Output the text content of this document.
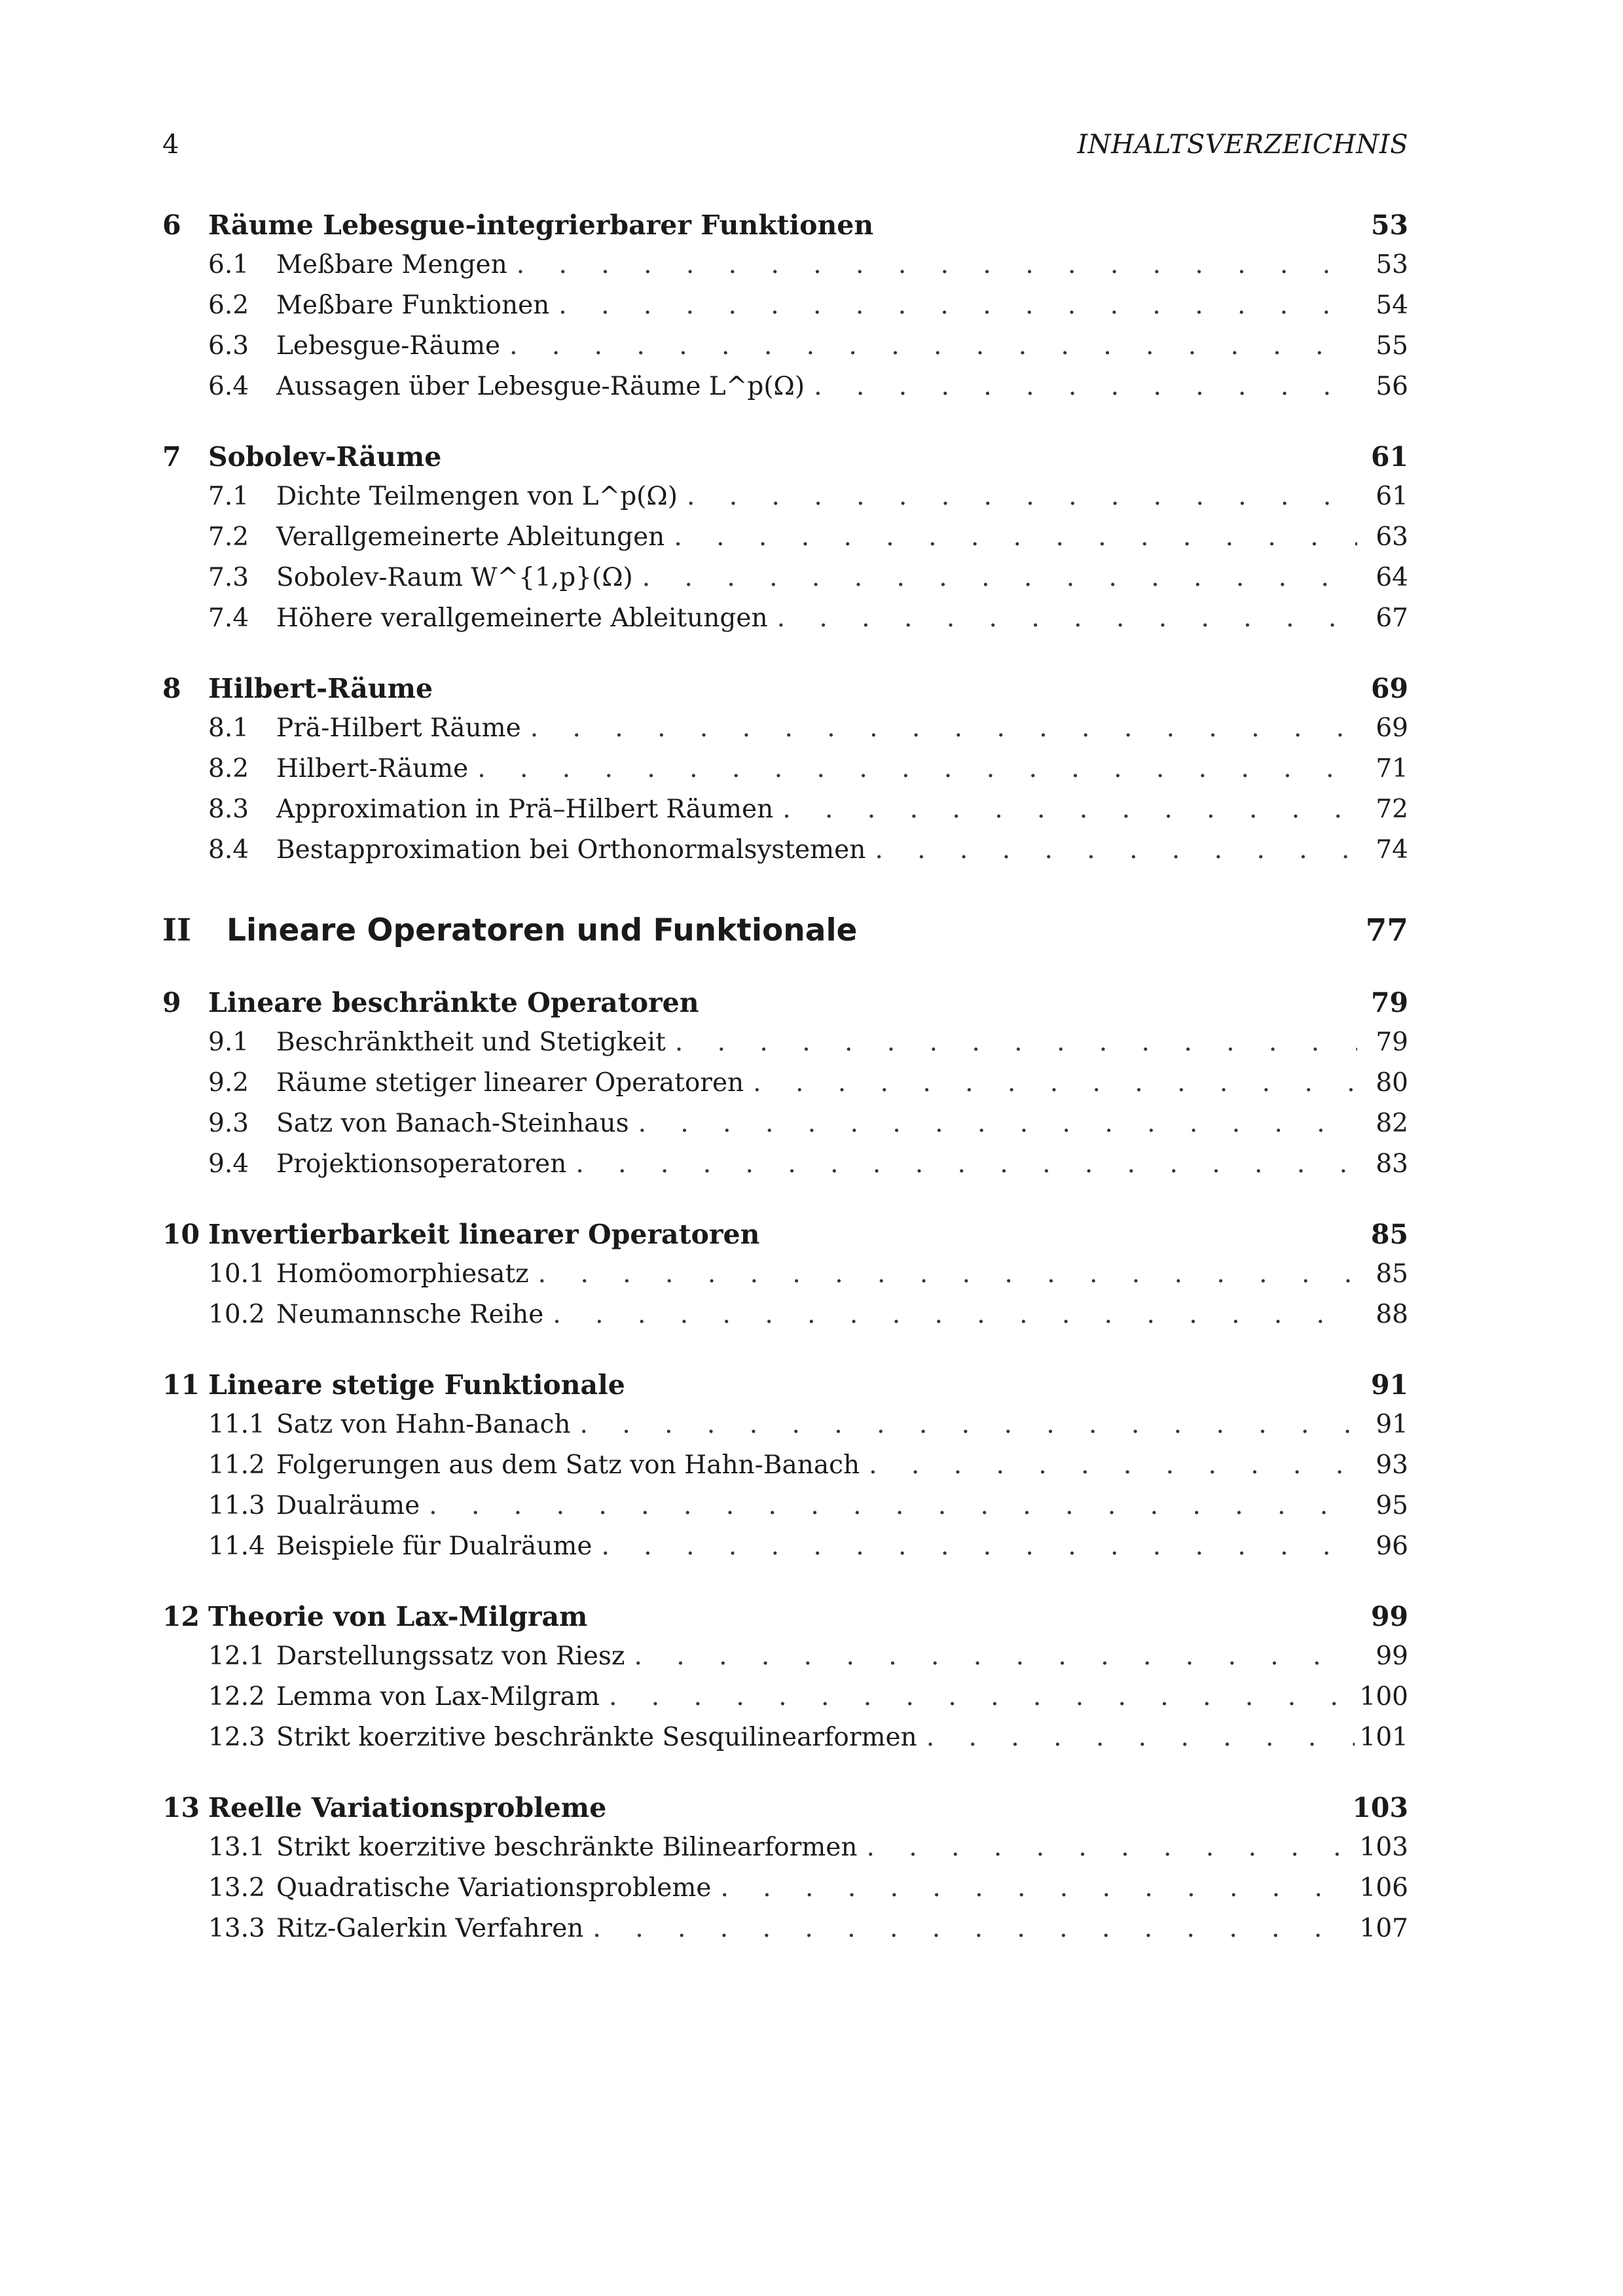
4	INHALTSVERZEICHNIS
6	Räume Lebesgue-integrierbarer Funktionen	53
6.1	Meßbare Mengen . . .	53
6.2	Meßbare Funktionen . . .	54
6.3	Lebesgue-Räume . . .	55
6.4	Aussagen über Lebesgue-Räume L^p(Ω) . . .	56
7	Sobolev-Räume	61
7.1	Dichte Teilmengen von L^p(Ω) . . .	61
7.2	Verallgemeinerte Ableitungen . . .	63
7.3	Sobolev-Raum W^{1,p}(Ω) . . .	64
7.4	Höhere verallgemeinerte Ableitungen . . .	67
8	Hilbert-Räume	69
8.1	Prä-Hilbert Räume . . .	69
8.2	Hilbert-Räume . . .	71
8.3	Approximation in Prä–Hilbert Räumen . . .	72
8.4	Bestapproximation bei Orthonormalsystemen . . .	74
II	Lineare Operatoren und Funktionale	77
9	Lineare beschränkte Operatoren	79
9.1	Beschränktheit und Stetigkeit . . .	79
9.2	Räume stetiger linearer Operatoren . . .	80
9.3	Satz von Banach-Steinhaus . . .	82
9.4	Projektionsoperatoren . . .	83
10 Invertierbarkeit linearer Operatoren	85
10.1 Homöomorphiesatz . . .	85
10.2 Neumannsche Reihe . . .	88
11 Lineare stetige Funktionale	91
11.1 Satz von Hahn-Banach . . .	91
11.2 Folgerungen aus dem Satz von Hahn-Banach . . .	93
11.3 Dualräume . . .	95
11.4 Beispiele für Dualräume . . .	96
12 Theorie von Lax-Milgram	99
12.1 Darstellungssatz von Riesz . . .	99
12.2 Lemma von Lax-Milgram . . .	100
12.3 Strikt koerzitive beschränkte Sesquilinearformen . . .	101
13 Reelle Variationsprobleme	103
13.1 Strikt koerzitive beschränkte Bilinearformen . . .	103
13.2 Quadratische Variationsprobleme . . .	106
13.3 Ritz-Galerkin Verfahren . . .	107
